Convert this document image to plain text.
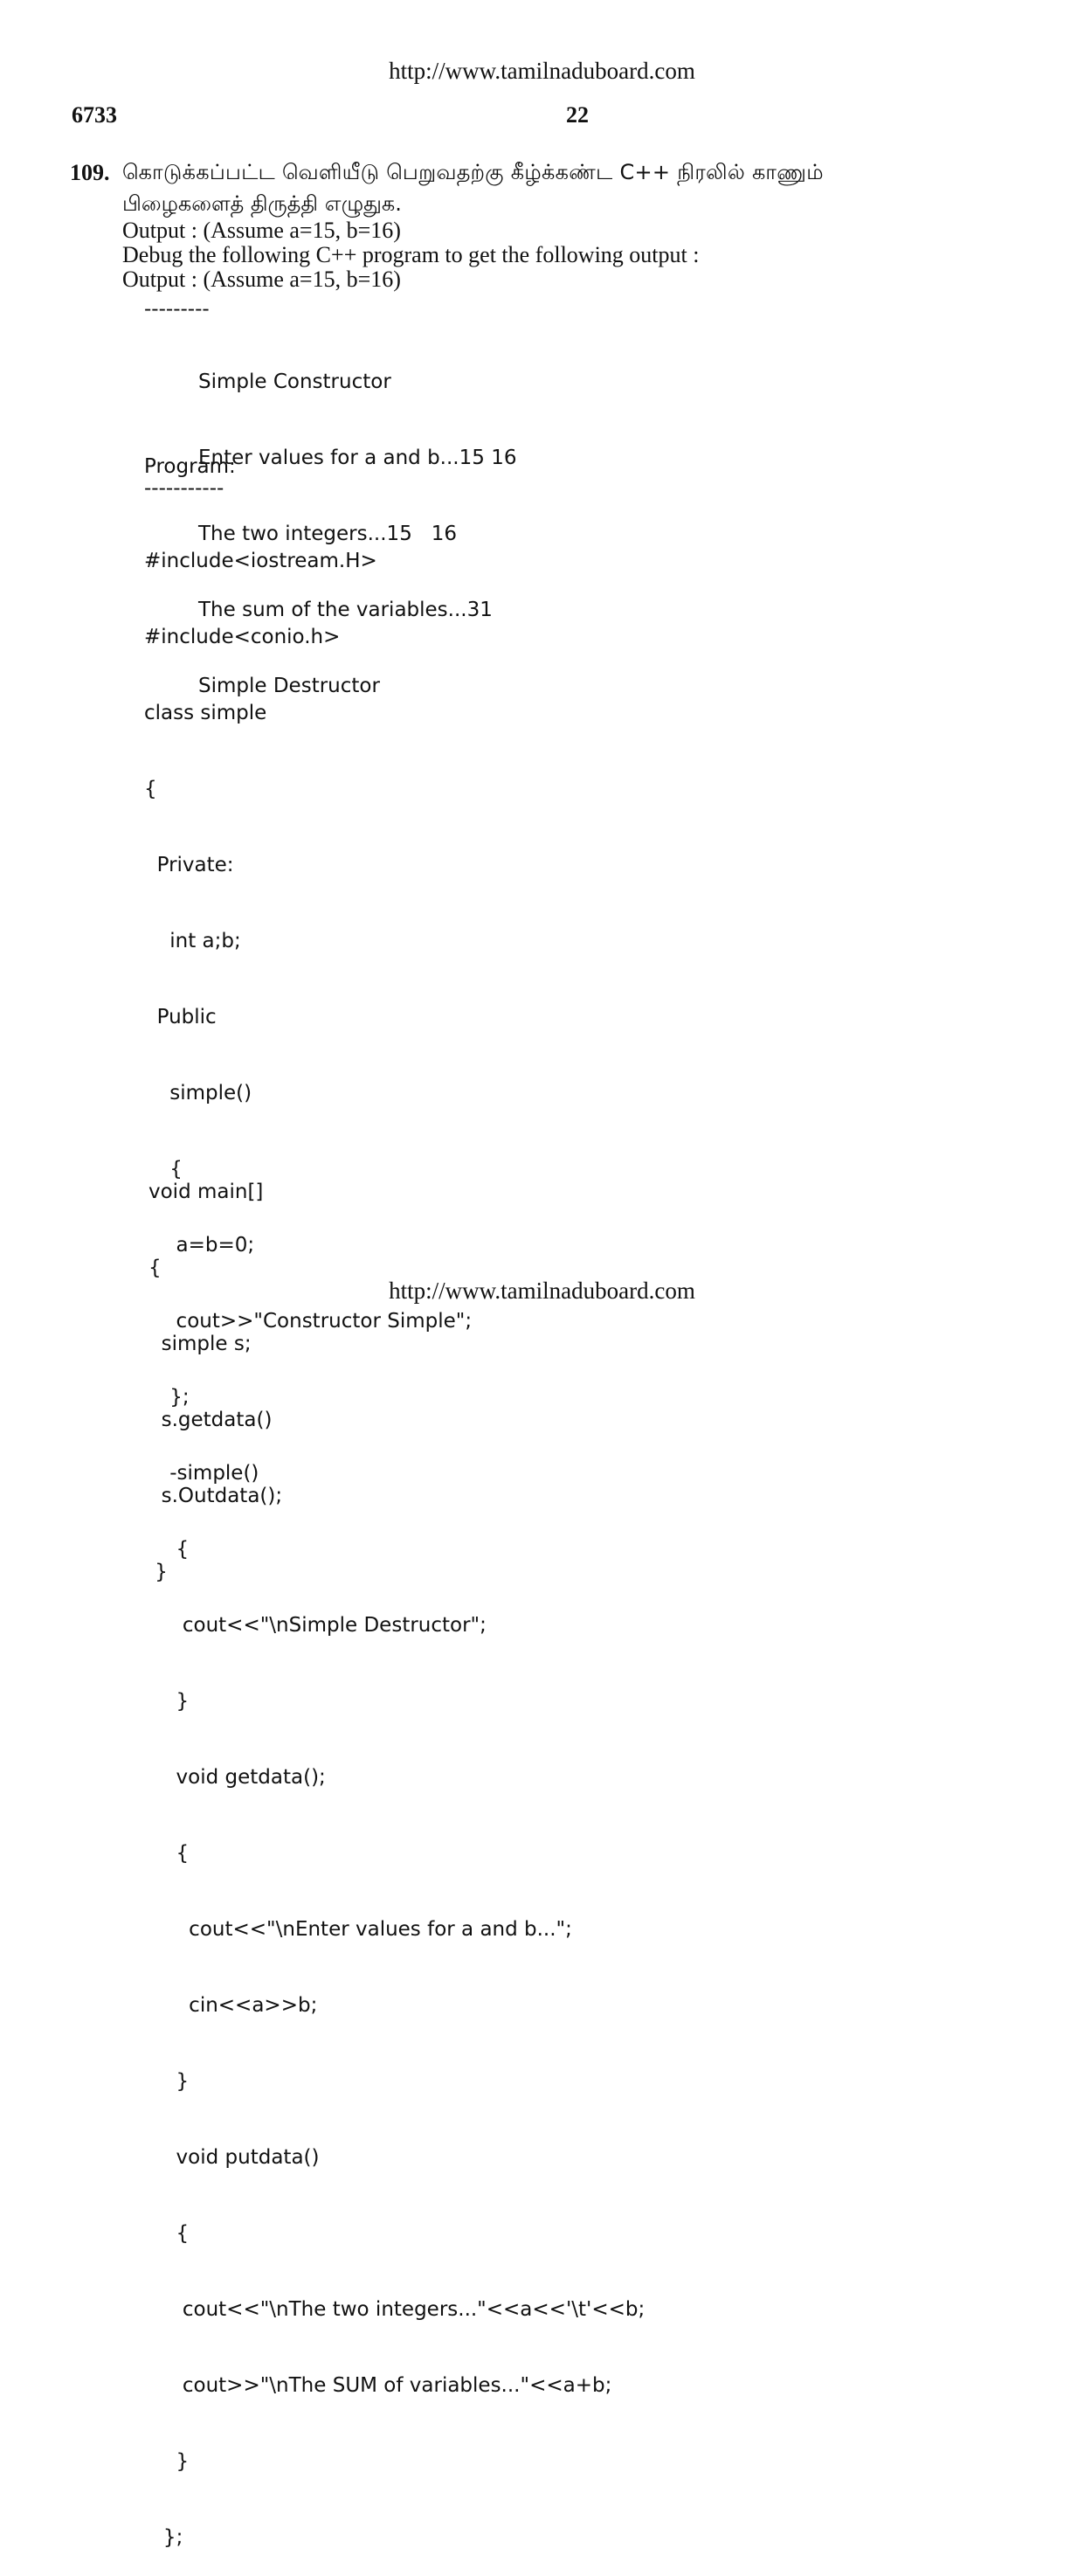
http://www.tamilnaduboard.com
6733	22
109. கொடுக்கப்பட்ட வெளியீடு பெறுவதற்கு கீழ்க்கண்ட C++ நிரலில் காணும்
பிழைகளைத் திருத்தி எழுதுக.
Output : (Assume a=15, b=16)
Debug the following C++ program to get the following output :
Output : (Assume a=15, b=16)
---------

Simple Constructor

Enter values for a and b...15 16

The two integers...15   16

The sum of the variables...31

Simple Destructor

Program:
-----------

#include<iostream.H>

#include<conio.h>

class simple

{

Private:

int a;b;

Public

simple()

{

a=b=0;

cout>>"Constructor Simple";

};

-simple()

{

cout<<"\nSimple Destructor";

}

void getdata();

{

cout<<"\nEnter values for a and b...";

cin<<a>>b;

}

void putdata()

{

cout<<"\nThe two integers..."<<a<<'\t'<<b;

cout>>"\nThe SUM of variables..."<<a+b;

}

};

void main[]

{

simple s;

s.getdata()

s.Outdata();

}

http://www.tamilnaduboard.com
